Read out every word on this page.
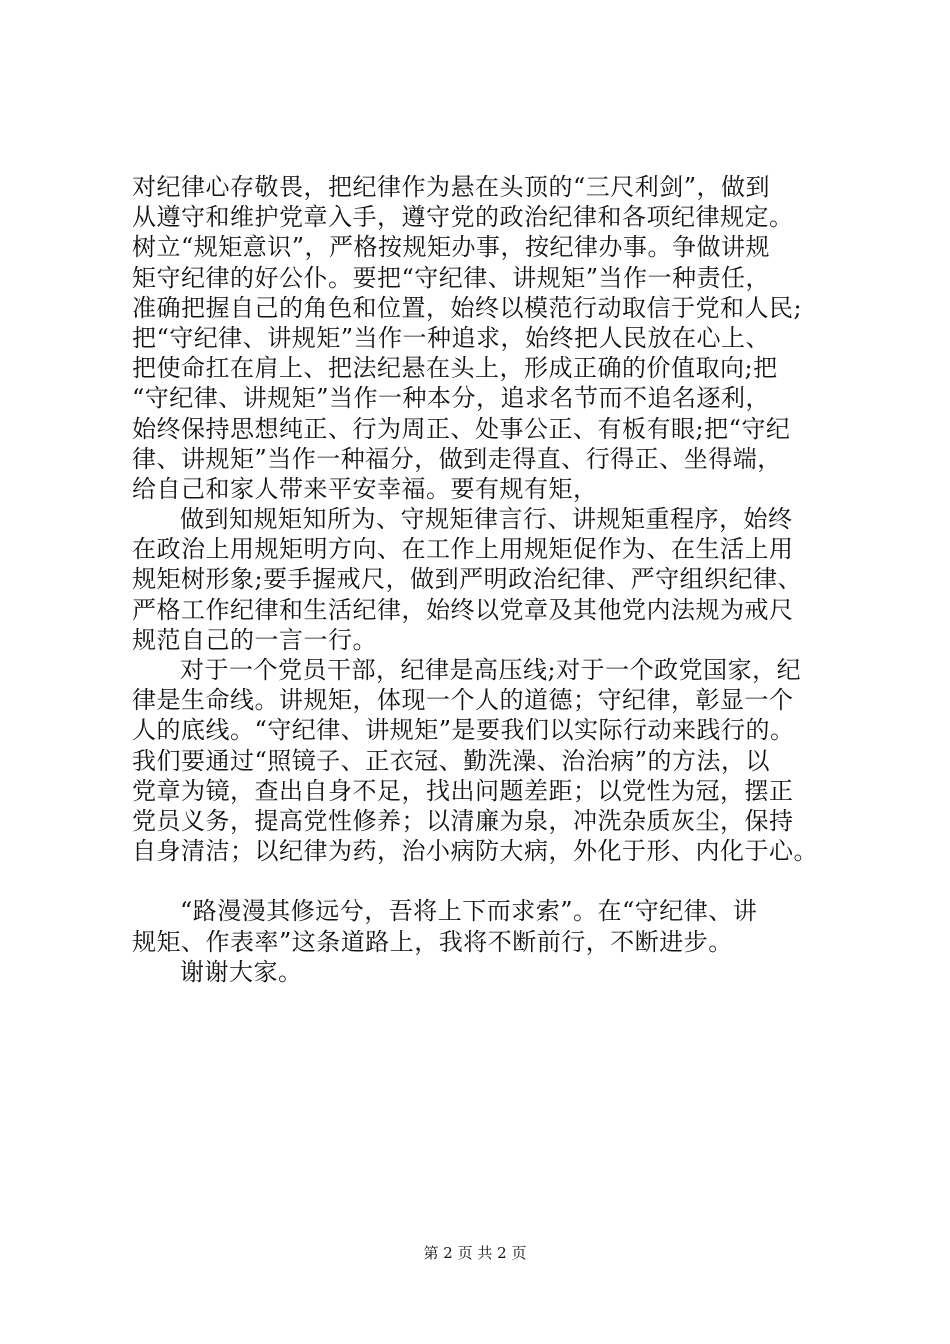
对纪律心存敬畏，把纪律作为悬在头顶的“三尺利剑”，做到
从遵守和维护党章入手，遵守党的政治纪律和各项纪律规定。
树立“规矩意识”，严格按规矩办事，按纪律办事。争做讲规
矩守纪律的好公仆。要把“守纪律、讲规矩”当作一种责任，
准确把握自己的角色和位置，始终以模范行动取信于党和人民;
把“守纪律、讲规矩”当作一种追求，始终把人民放在心上、
把使命扛在肩上、把法纪悬在头上，形成正确的价值取向;把
“守纪律、讲规矩”当作一种本分，追求名节而不追名逐利，
始终保持思想纯正、行为周正、处事公正、有板有眼;把“守纪
律、讲规矩”当作一种福分，做到走得直、行得正、坐得端，
给自己和家人带来平安幸福。要有规有矩，
做到知规矩知所为、守规矩律言行、讲规矩重程序，始终
在政治上用规矩明方向、在工作上用规矩促作为、在生活上用
规矩树形象;要手握戒尺，做到严明政治纪律、严守组织纪律、
严格工作纪律和生活纪律，始终以党章及其他党内法规为戒尺
规范自己的一言一行。
对于一个党员干部，纪律是高压线;对于一个政党国家，纪
律是生命线。讲规矩，体现一个人的道德；守纪律，彰显一个
人的底线。“守纪律、讲规矩”是要我们以实际行动来践行的。
我们要通过“照镜子、正衣冠、勤洗澡、治治病”的方法，以
党章为镜，查出自身不足，找出问题差距；以党性为冠，摆正
党员义务，提高党性修养；以清廉为泉，冲洗杂质灰尘，保持
自身清洁；以纪律为药，治小病防大病，外化于形、内化于心。
“路漫漫其修远兮，吾将上下而求索”。在“守纪律、讲
规矩、作表率”这条道路上，我将不断前行，不断进步。
谢谢大家。
第 2 页 共 2 页
